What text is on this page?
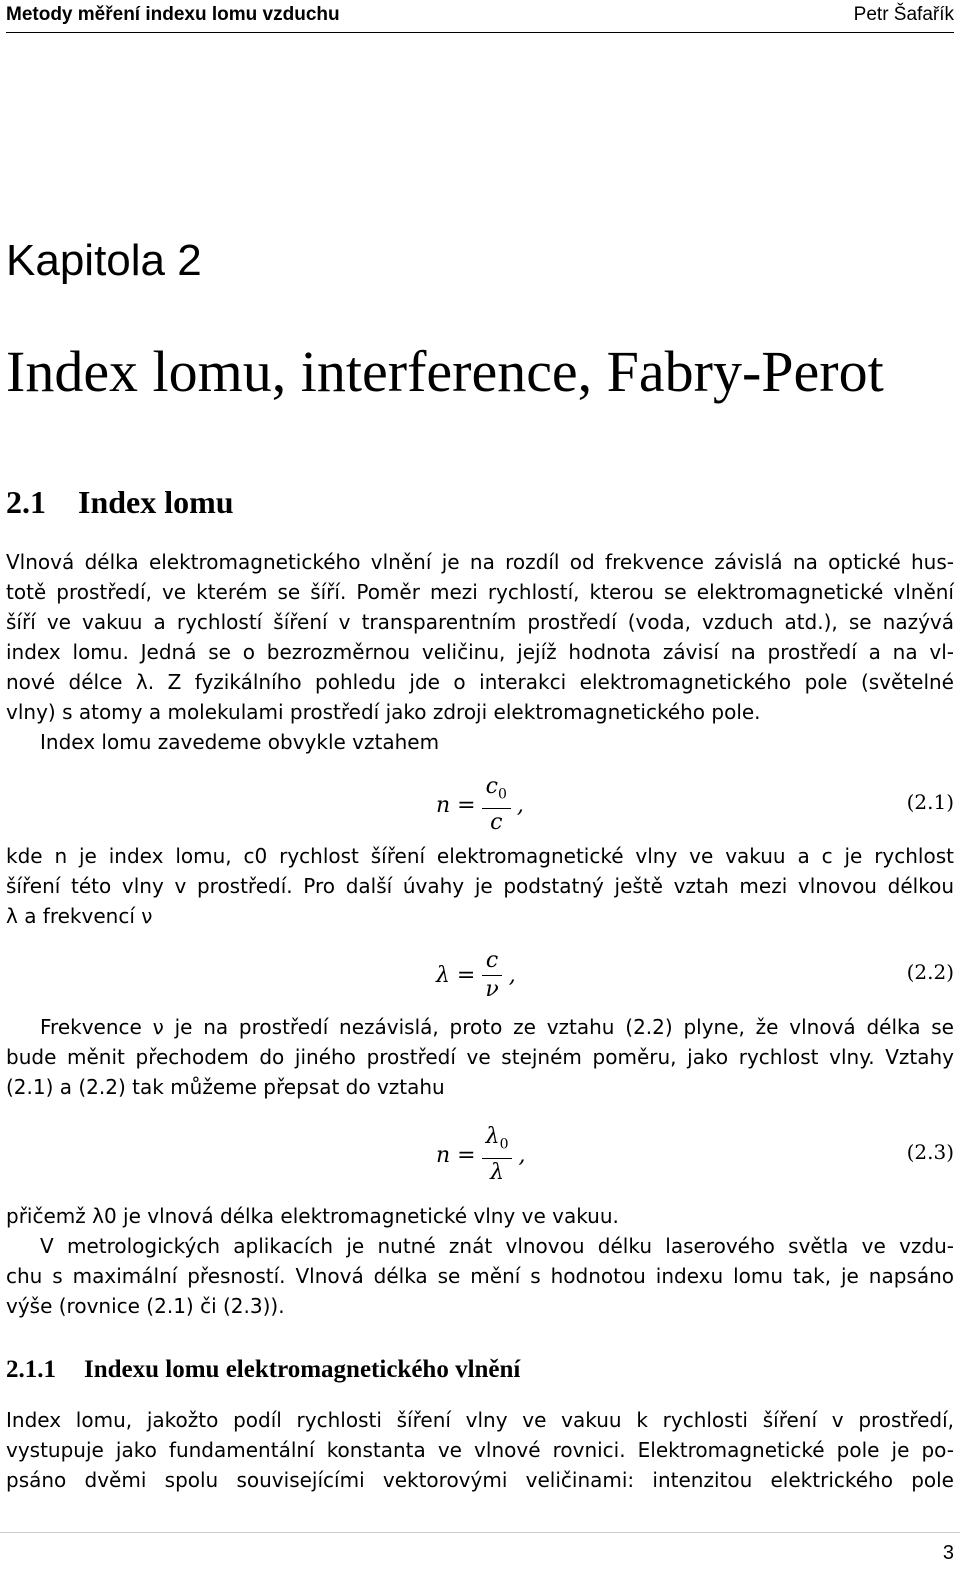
Metody měření indexu lomu vzduchu	Petr Šafařík
Kapitola 2
Index lomu, interference, Fabry-Perot
2.1 Index lomu
Vlnová délka elektromagnetického vlnění je na rozdíl od frekvence závislá na optické hus-
totě prostředí, ve kterém se šíří. Poměr mezi rychlostí, kterou se elektromagnetické vlnění
šíří ve vakuu a rychlostí šíření v transparentním prostředí (voda, vzduch atd.), se nazývá
index lomu. Jedná se o bezrozměrnou veličinu, jejíž hodnota závisí na prostředí a na vl-
nové délce λ. Z fyzikálního pohledu jde o interakci elektromagnetického pole (světelné
vlny) s atomy a molekulami prostředí jako zdroji elektromagnetického pole.
Index lomu zavedeme obvykle vztahem
$n = \frac{c_0}{c}$ ,	(2.1)
kde n je index lomu, c0 rychlost šíření elektromagnetické vlny ve vakuu a c je rychlost
šíření této vlny v prostředí. Pro další úvahy je podstatný ještě vztah mezi vlnovou délkou
λ a frekvencí ν
$\lambda = \frac{c}{\nu}$ ,	(2.2)
Frekvence ν je na prostředí nezávislá, proto ze vztahu (2.2) plyne, že vlnová délka se
bude měnit přechodem do jiného prostředí ve stejném poměru, jako rychlost vlny. Vztahy
(2.1) a (2.2) tak můžeme přepsat do vztahu
$n = \frac{\lambda_0}{\lambda}$ ,	(2.3)
přičemž λ0 je vlnová délka elektromagnetické vlny ve vakuu.
V metrologických aplikacích je nutné znát vlnovou délku laserového světla ve vzdu-
chu s maximální přesností. Vlnová délka se mění s hodnotou indexu lomu tak, je napsáno
výše (rovnice (2.1) či (2.3)).
2.1.1 Indexu lomu elektromagnetického vlnění
Index lomu, jakožto podíl rychlosti šíření vlny ve vakuu k rychlosti šíření v prostředí,
vystupuje jako fundamentální konstanta ve vlnové rovnici. Elektromagnetické pole je po-
psáno dvěmi spolu souvisejícími vektorovými veličinami: intenzitou elektrického pole
3
